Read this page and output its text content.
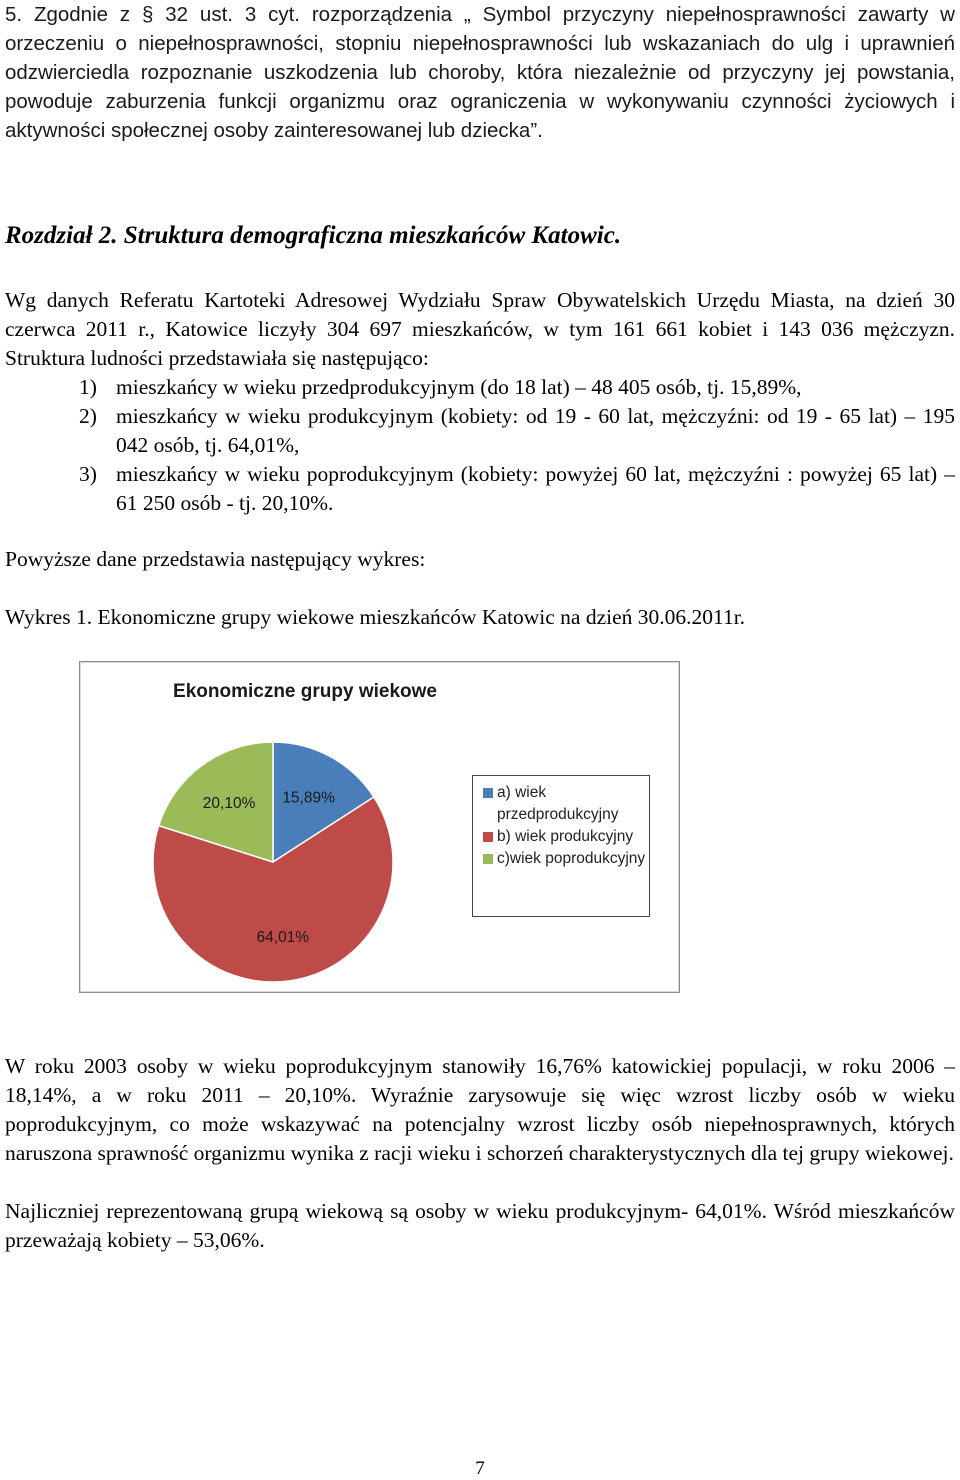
5. Zgodnie z § 32 ust. 3 cyt. rozporządzenia „ Symbol przyczyny niepełnosprawności zawarty w orzeczeniu o niepełnosprawności, stopniu niepełnosprawności lub wskazaniach do ulg i uprawnień odzwierciedla rozpoznanie uszkodzenia lub choroby, która niezależnie od przyczyny jej powstania, powoduje zaburzenia funkcji organizmu oraz ograniczenia w wykonywaniu czynności życiowych i aktywności społecznej osoby zainteresowanej lub dziecka”.

Rozdział 2. Struktura demograficzna mieszkańców Katowic.

Wg danych Referatu Kartoteki Adresowej Wydziału Spraw Obywatelskich Urzędu Miasta, na dzień 30 czerwca 2011 r., Katowice liczyły 304 697 mieszkańców, w tym 161 661 kobiet i 143 036 mężczyzn. Struktura ludności przedstawiała się następująco:

1) mieszkańcy w wieku przedprodukcyjnym (do 18 lat) – 48 405 osób, tj. 15,89%,
2) mieszkańcy w wieku produkcyjnym (kobiety: od 19 - 60 lat, mężczyźni: od 19 - 65 lat) – 195 042 osób, tj. 64,01%,
3) mieszkańcy w wieku poprodukcyjnym (kobiety: powyżej 60 lat, mężczyźni : powyżej 65 lat) – 61 250 osób - tj. 20,10%.

Powyższe dane przedstawia następujący wykres:

Wykres 1. Ekonomiczne grupy wiekowe mieszkańców Katowic na dzień 30.06.2011r.

Ekonomiczne grupy wiekowe
15,89%
64,01%
20,10%
a) wiek przedprodukcyjny
b) wiek produkcyjny
c)wiek poprodukcyjny

W roku 2003 osoby w wieku poprodukcyjnym stanowiły 16,76% katowickiej populacji, w roku 2006 – 18,14%, a w roku 2011 – 20,10%. Wyraźnie zarysowuje się więc wzrost liczby osób w wieku poprodukcyjnym, co może wskazywać na potencjalny wzrost liczby osób niepełnosprawnych, których naruszona sprawność organizmu wynika z racji wieku i schorzeń charakterystycznych dla tej grupy wiekowej.

Najliczniej reprezentowaną grupą wiekową są osoby w wieku produkcyjnym- 64,01%. Wśród mieszkańców przeważają kobiety – 53,06%.

7
